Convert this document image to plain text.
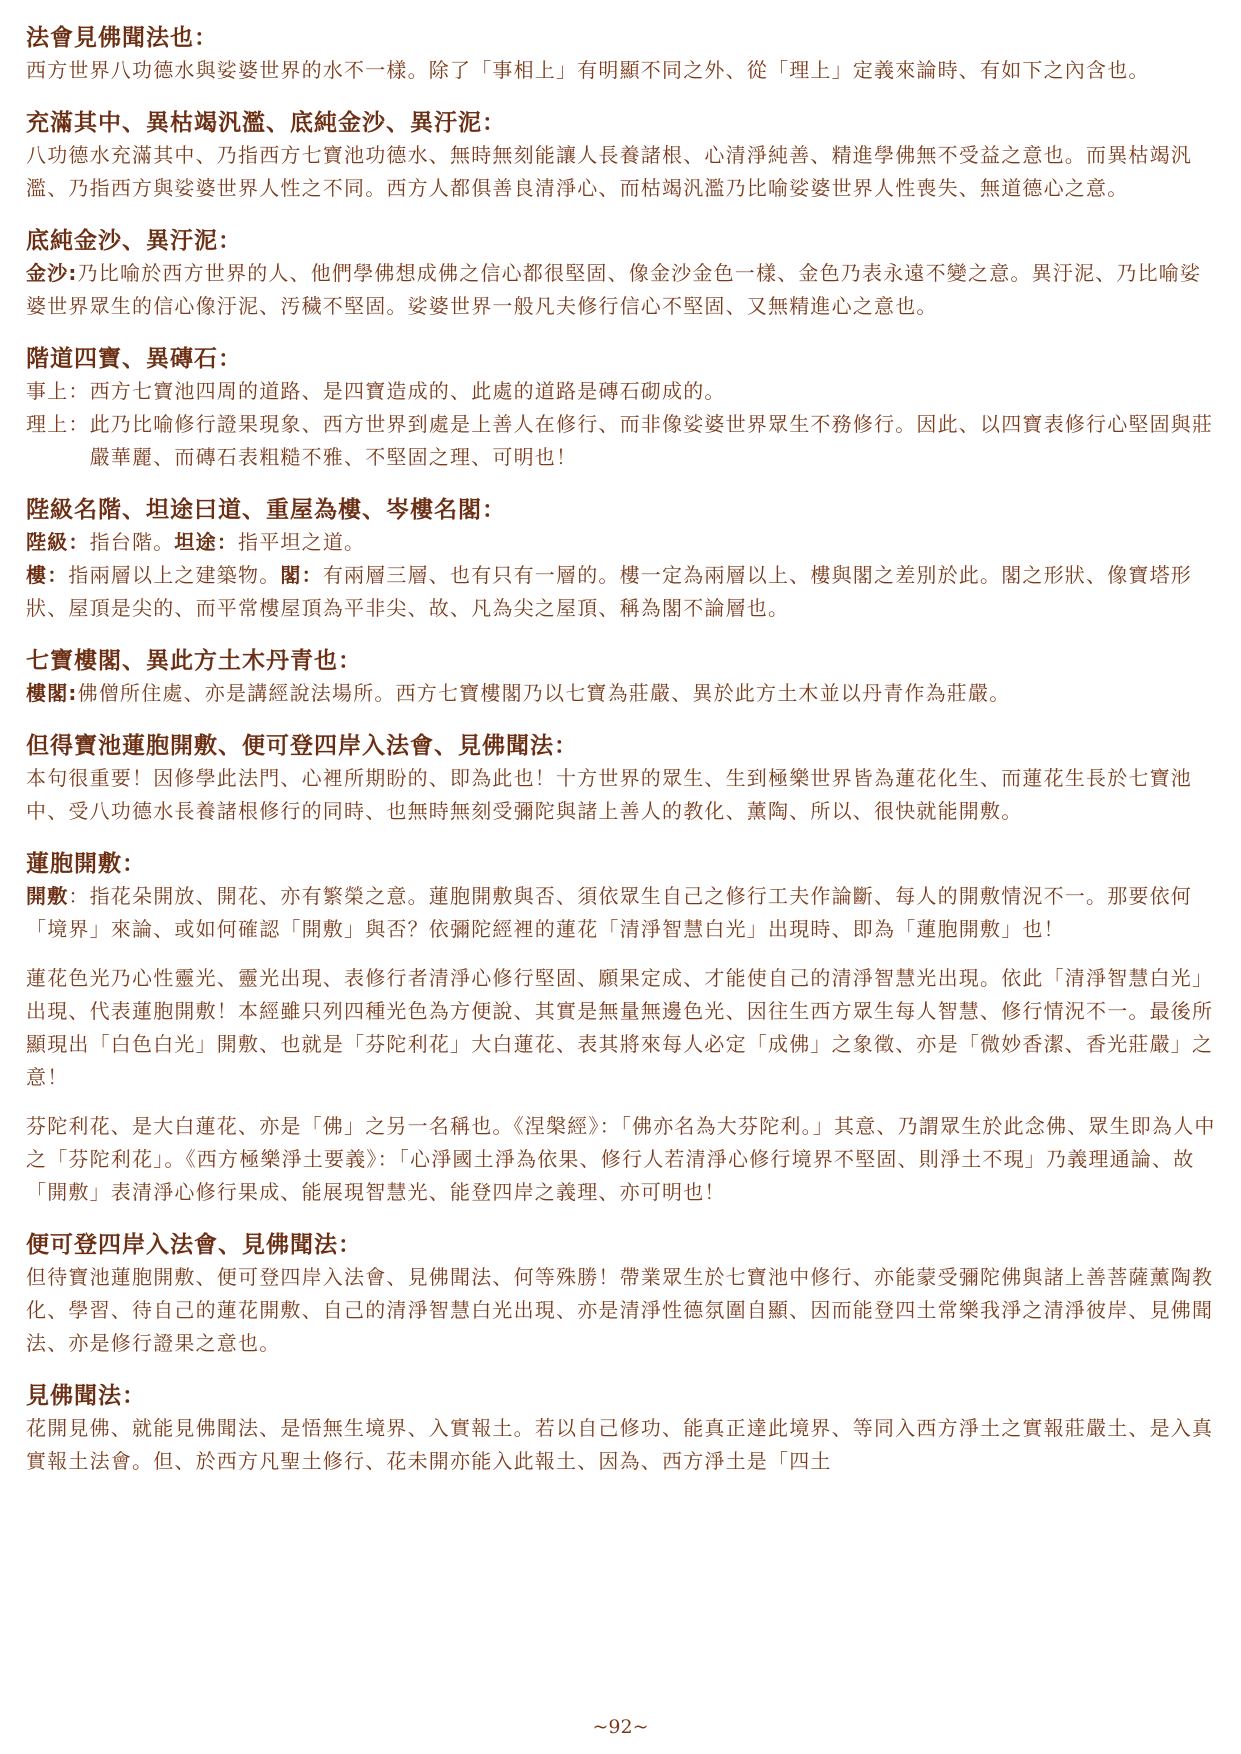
法會見佛聞法也：

西方世界八功德水與娑婆世界的水不一樣。除了「事相上」有明顯不同之外、從「理上」定義來論時、有如下之內含也。

充滿其中、異枯竭汎濫、底純金沙、異汙泥：

八功德水充滿其中、乃指西方七寶池功德水、無時無刻能讓人長養諸根、心清淨純善、精進學佛無不受益之意也。而異枯竭汎濫、乃指西方與娑婆世界人性之不同。西方人都俱善良清淨心、而枯竭汎濫乃比喻娑婆世界人性喪失、無道德心之意。

底純金沙、異汙泥：

金沙:乃比喻於西方世界的人、他們學佛想成佛之信心都很堅固、像金沙金色一樣、金色乃表永遠不變之意。異汙泥、乃比喻娑婆世界眾生的信心像汙泥、汚穢不堅固。娑婆世界一般凡夫修行信心不堅固、又無精進心之意也。

階道四寶、異磚石：
事上： 西方七寶池四周的道路、是四寶造成的、此處的道路是磚石砌成的。
理上： 此乃比喻修行證果現象、西方世界到處是上善人在修行、而非像娑婆世界眾生不務修行。因此、以四寶表修行心堅固與莊嚴華麗、而磚石表粗糙不雅、不堅固之理、可明也！
陛級名階、坦途曰道、重屋為樓、岑樓名閣：

陛級：指台階。坦途：指平坦之道。

樓：指兩層以上之建築物。閣：有兩層三層、也有只有一層的。樓一定為兩層以上、樓與閣之差別於此。閣之形狀、像寶塔形狀、屋頂是尖的、而平常樓屋頂為平非尖、故、凡為尖之屋頂、稱為閣不論層也。

七寶樓閣、異此方土木丹青也：

樓閣:佛僧所住處、亦是講經說法場所。西方七寶樓閣乃以七寶為莊嚴、異於此方土木並以丹青作為莊嚴。

但得寶池蓮胞開敷、便可登四岸入法會、見佛聞法：

本句很重要！因修學此法門、心裡所期盼的、即為此也！十方世界的眾生、生到極樂世界皆為蓮花化生、而蓮花生長於七寶池中、受八功德水長養諸根修行的同時、也無時無刻受彌陀與諸上善人的教化、薰陶、所以、很快就能開敷。

蓮胞開敷：

開敷：指花朵開放、開花、亦有繁榮之意。蓮胞開敷與否、須依眾生自己之修行工夫作論斷、每人的開敷情況不一。那要依何「境界」來論、或如何確認「開敷」與否？依彌陀經裡的蓮花「清淨智慧白光」出現時、即為「蓮胞開敷」也！

蓮花色光乃心性靈光、靈光出現、表修行者清淨心修行堅固、願果定成、才能使自己的清淨智慧光出現。依此「清淨智慧白光」出現、代表蓮胞開敷！本經雖只列四種光色為方便說、其實是無量無邊色光、因往生西方眾生每人智慧、修行情況不一。最後所顯現出「白色白光」開敷、也就是「芬陀利花」大白蓮花、表其將來每人必定「成佛」之象徵、亦是「微妙香潔、香光莊嚴」之意！

芬陀利花、是大白蓮花、亦是「佛」之另一名稱也。《涅槃經》：「佛亦名為大芬陀利。」其意、乃謂眾生於此念佛、眾生即為人中之「芬陀利花」。《西方極樂淨土要義》：「心淨國土淨為依果、修行人若清淨心修行境界不堅固、則淨土不現」乃義理通論、故「開敷」表清淨心修行果成、能展現智慧光、能登四岸之義理、亦可明也！

便可登四岸入法會、見佛聞法：

但待寶池蓮胞開敷、便可登四岸入法會、見佛聞法、何等殊勝！帶業眾生於七寶池中修行、亦能蒙受彌陀佛與諸上善菩薩薰陶教化、學習、待自己的蓮花開敷、自己的清淨智慧白光出現、亦是清淨性德氛圍自顯、因而能登四土常樂我淨之清淨彼岸、見佛聞法、亦是修行證果之意也。

見佛聞法：

花開見佛、就能見佛聞法、是悟無生境界、入實報土。若以自己修功、能真正達此境界、等同入西方淨土之實報莊嚴土、是入真實報土法會。但、於西方凡聖土修行、花未開亦能入此報土、因為、西方淨土是「四土

~92~
